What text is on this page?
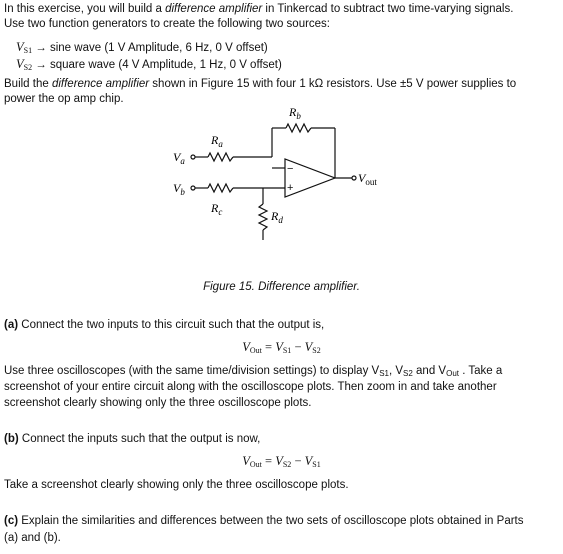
In this exercise, you will build a difference amplifier in Tinkercad to subtract two time-varying signals.
Use two function generators to create the following two sources:
$V_{S1} \to \sin e$ wave (1 V Amplitude, 6 Hz, 0 V offset)
$V_{S2}$ → square wave (4 V Amplitude, 1 Hz, 0 V offset)
Build the difference amplifier shown in Figure 15 with four 1 kΩ resistors. Use ±5 V power supplies to
power the op amp chip.
−
+
$R_a$
$R_b$
$R_c$	$R_d$
$V_a$
$V_b$
$V_{out}$
Figure 15. Difference amplifier.
(a) Connect the two inputs to this circuit such that the output is,
$V_{Out} = V_{S1} - V_{S2}$
Use three oscilloscopes (with the same time/division settings) to display $V_{S1}$, $V_{S2}$ and $V_{Out}$ . Take a
screenshot of your entire circuit along with the oscilloscope plots. Then zoom in and take another
screenshot clearly showing only the three oscilloscope plots.
(b) Connect the inputs such that the output is now,
$V_{Out} = V_{S2} - V_{S1}$
Take a screenshot clearly showing only the three oscilloscope plots.
(c) Explain the similarities and differences between the two sets of oscilloscope plots obtained in Parts
(a) and (b).
